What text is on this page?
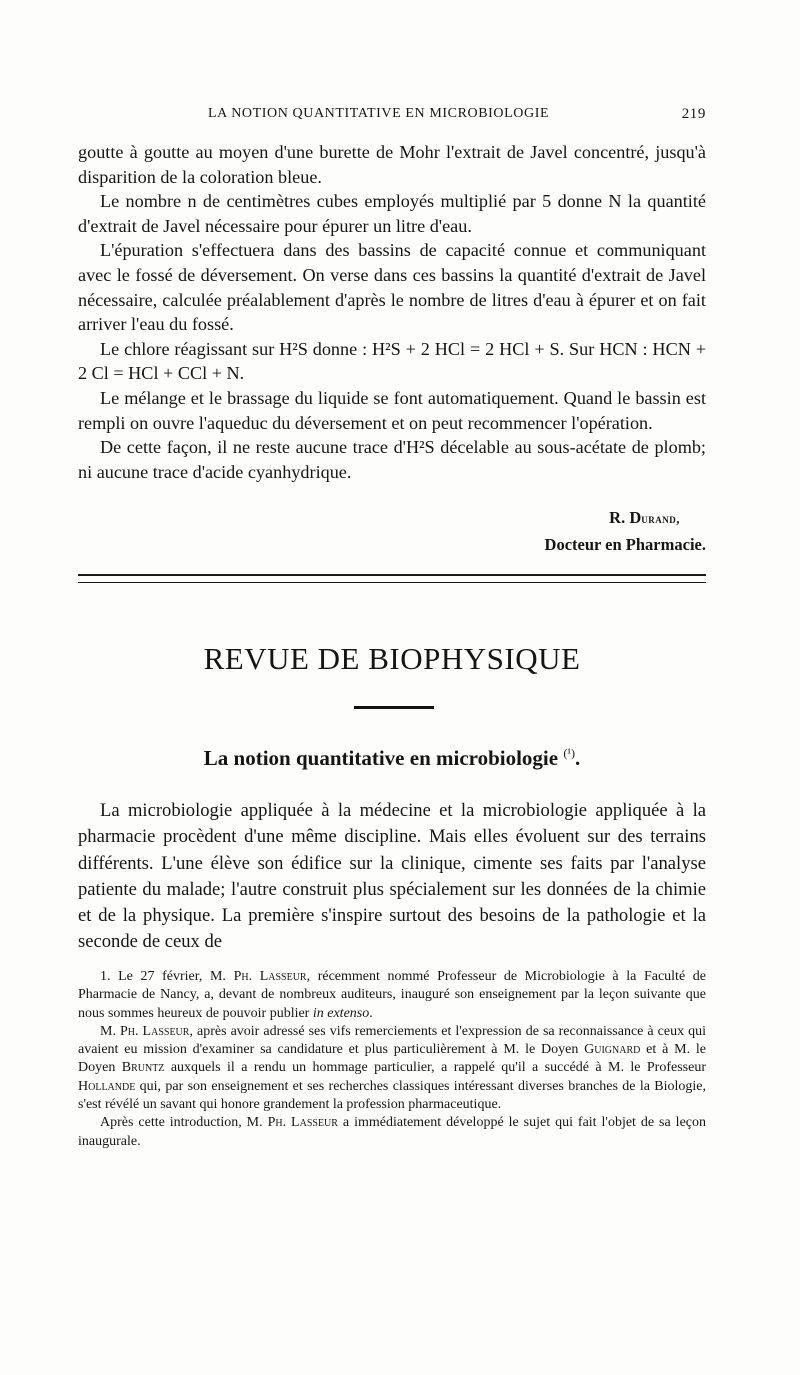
LA NOTION QUANTITATIVE EN MICROBIOLOGIE	219

goutte à goutte au moyen d'une burette de Mohr l'extrait de Javel concentré, jusqu'à disparition de la coloration bleue.

Le nombre n de centimètres cubes employés multiplié par 5 donne N la quantité d'extrait de Javel nécessaire pour épurer un litre d'eau.

L'épuration s'effectuera dans des bassins de capacité connue et communiquant avec le fossé de déversement. On verse dans ces bassins la quantité d'extrait de Javel nécessaire, calculée préalablement d'après le nombre de litres d'eau à épurer et on fait arriver l'eau du fossé.

Le chlore réagissant sur H²S donne : H²S + 2 HCl = 2 HCl + S. Sur HCN : HCN + 2 Cl = HCl + CCl + N.

Le mélange et le brassage du liquide se font automatiquement. Quand le bassin est rempli on ouvre l'aqueduc du déversement et on peut recommencer l'opération.

De cette façon, il ne reste aucune trace d'H²S décelable au sous-acétate de plomb; ni aucune trace d'acide cyanhydrique.

R. Durand,
Docteur en Pharmacie.
REVUE DE BIOPHYSIQUE
La notion quantitative en microbiologie $^{(^1)}$.

La microbiologie appliquée à la médecine et la microbiologie appliquée à la pharmacie procèdent d'une même discipline. Mais elles évoluent sur des terrains différents. L'une élève son édifice sur la clinique, cimente ses faits par l'analyse patiente du malade; l'autre construit plus spécialement sur les données de la chimie et de la physique. La première s'inspire surtout des besoins de la pathologie et la seconde de ceux de

1. Le 27 février, M. Ph. Lasseur, récemment nommé Professeur de Microbiologie à la Faculté de Pharmacie de Nancy, a, devant de nombreux auditeurs, inauguré son enseignement par la leçon suivante que nous sommes heureux de pouvoir publier in extenso.

M. Ph. Lasseur, après avoir adressé ses vifs remerciements et l'expression de sa reconnaissance à ceux qui avaient eu mission d'examiner sa candidature et plus particulièrement à M. le Doyen Guignard et à M. le Doyen Bruntz auxquels il a rendu un hommage particulier, a rappelé qu'il a succédé à M. le Professeur Hollande qui, par son enseignement et ses recherches classiques intéressant diverses branches de la Biologie, s'est révélé un savant qui honore grandement la profession pharmaceutique.

Après cette introduction, M. Ph. Lasseur a immédiatement développé le sujet qui fait l'objet de sa leçon inaugurale.
